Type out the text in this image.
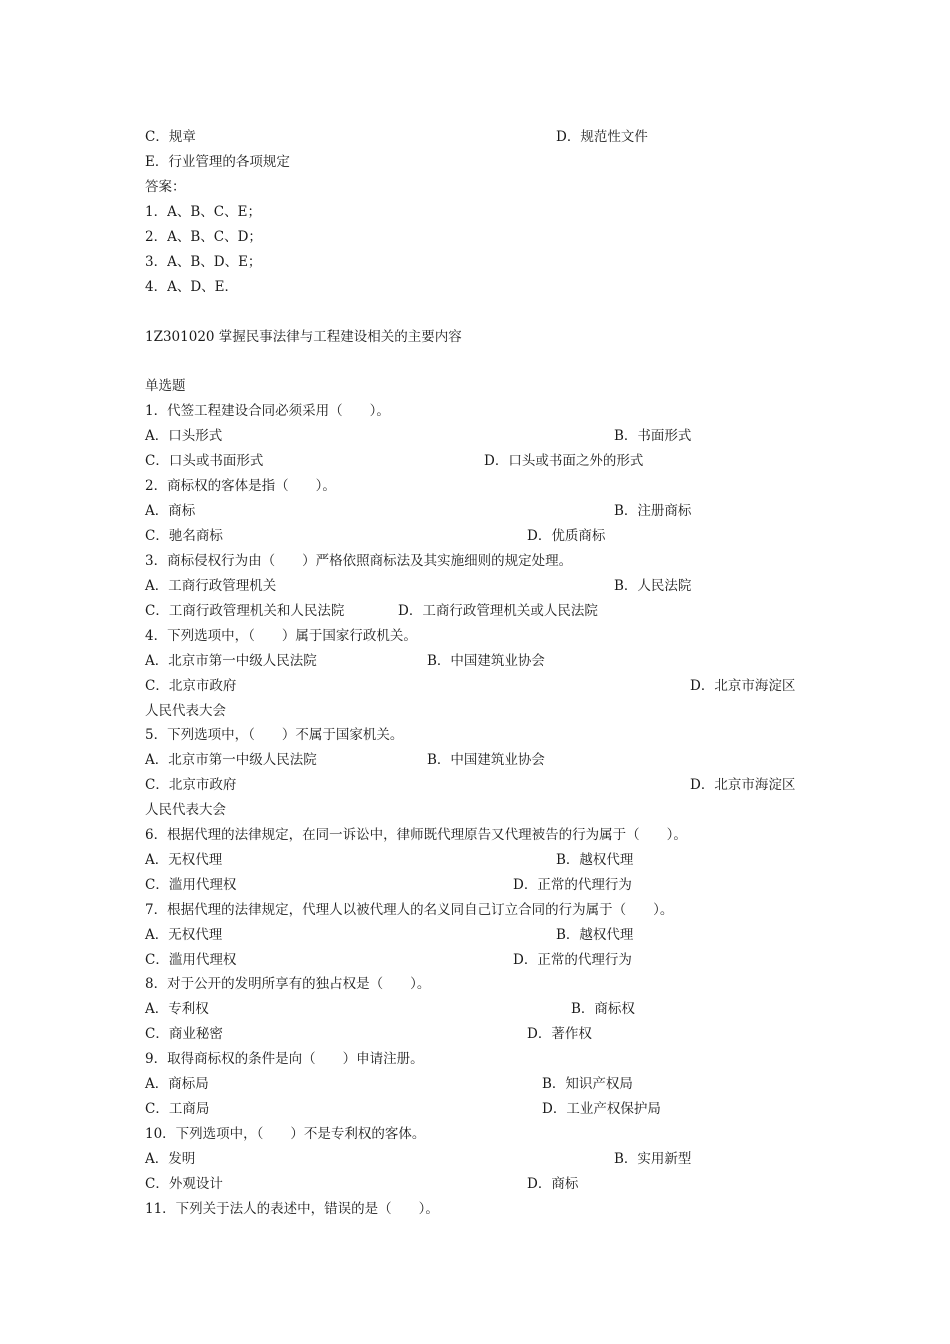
C．规章	D．规范性文件
E．行业管理的各项规定
答案：
1．A、B、C、E；
2．A、B、C、D；
3．A、B、D、E；
4．A、D、E．
1Z301020 掌握民事法律与工程建设相关的主要内容
单选题
1．代签工程建设合同必须采用（　　）。
A．口头形式	B．书面形式
C．口头或书面形式	D．口头或书面之外的形式
2．商标权的客体是指（　　）。
A．商标	B．注册商标
C．驰名商标	D．优质商标
3．商标侵权行为由（　　）严格依照商标法及其实施细则的规定处理。
A．工商行政管理机关	B．人民法院
C．工商行政管理机关和人民法院	D．工商行政管理机关或人民法院
4．下列选项中，（　　）属于国家行政机关。
A．北京市第一中级人民法院	B．中国建筑业协会
C．北京市政府	D．北京市海淀区
人民代表大会
5．下列选项中，（　　）不属于国家机关。
A．北京市第一中级人民法院	B．中国建筑业协会
C．北京市政府	D．北京市海淀区
人民代表大会
6．根据代理的法律规定，在同一诉讼中，律师既代理原告又代理被告的行为属于（　　）。
A．无权代理	B．越权代理
C．滥用代理权	D．正常的代理行为
7．根据代理的法律规定，代理人以被代理人的名义同自己订立合同的行为属于（　　）。
A．无权代理	B．越权代理
C．滥用代理权	D．正常的代理行为
8．对于公开的发明所享有的独占权是（　　）。
A．专利权	B．商标权
C．商业秘密	D．著作权
9．取得商标权的条件是向（　　）申请注册。
A．商标局	B．知识产权局
C．工商局	D．工业产权保护局
10．下列选项中，（　　）不是专利权的客体。
A．发明	B．实用新型
C．外观设计	D．商标
11．下列关于法人的表述中，错误的是（　　）。
